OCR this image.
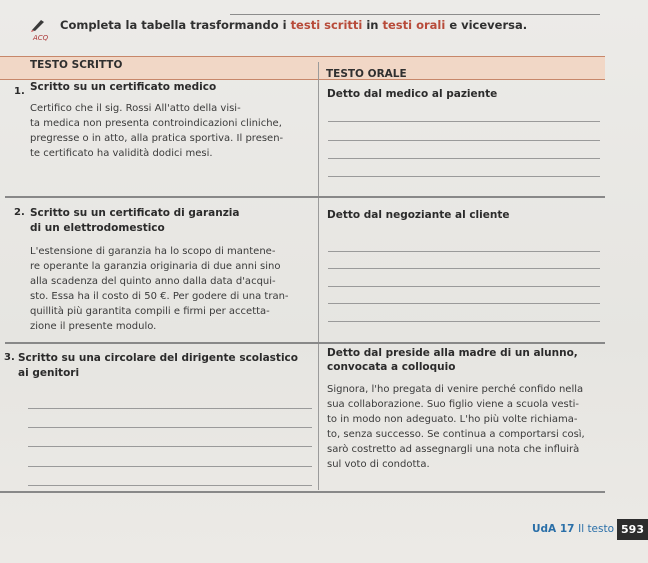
ACQ
Completa la tabella trasformando i testi scritti in testi orali e viceversa.
TESTO SCRITTO
TESTO ORALE
1. Scritto su un certificato medico
Certifico che il sig. Rossi All'atto della visi-
ta medica non presenta controindicazioni cliniche,
pregresse o in atto, alla pratica sportiva. Il presen-
te certificato ha validità dodici mesi.
Detto dal medico al paziente
2. Scritto su un certificato di garanzia
di un elettrodomestico
L'estensione di garanzia ha lo scopo di mantene-
re operante la garanzia originaria di due anni sino
alla scadenza del quinto anno dalla data d'acqui-
sto. Essa ha il costo di 50 €. Per godere di una tran-
quillità più garantita compili e firmi per accetta-
zione il presente modulo.
Detto dal negoziante al cliente
3. Scritto su una circolare del dirigente scolastico
ai genitori
Detto dal preside alla madre di un alunno,
convocata a colloquio
Signora, l'ho pregata di venire perché confido nella
sua collaborazione. Suo figlio viene a scuola vesti-
to in modo non adeguato. L'ho più volte richiama-
to, senza successo. Se continua a comportarsi così,
sarò costretto ad assegnargli una nota che influirà
sul voto di condotta.
UdA 17 Il testo 593
